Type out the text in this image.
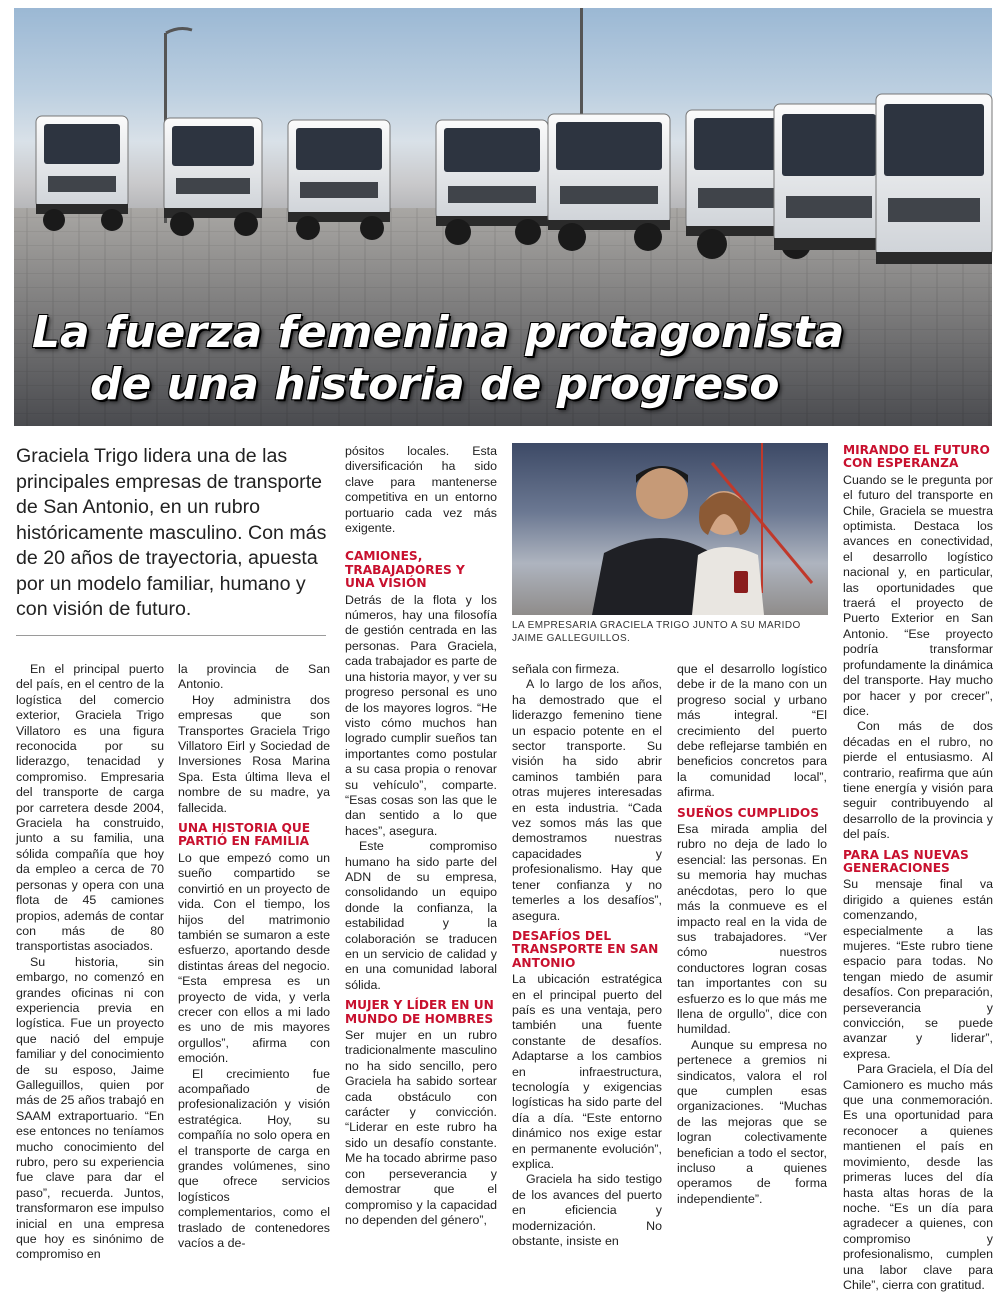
La fuerza femenina protagonista
de una historia de progreso

Graciela Trigo lidera una de las principales empresas de transporte de San Antonio, en un rubro históricamente masculino. Con más de 20 años de trayectoria, apuesta por un modelo familiar, humano y con visión de futuro.

En el principal puerto del país, en el centro de la logística del comercio exterior, Graciela Trigo Villatoro es una figura reconocida por su liderazgo, tenacidad y compromiso. Empresaria del transporte de carga por carretera desde 2004, Graciela ha construido, junto a su familia, una sólida compañía que hoy da empleo a cerca de 70 personas y opera con una flota de 45 camiones propios, además de contar con más de 80 transportistas asociados.

Su historia, sin embargo, no comenzó en grandes oficinas ni con experiencia previa en logística. Fue un proyecto que nació del empuje familiar y del conocimiento de su esposo, Jaime Galleguillos, quien por más de 25 años trabajó en SAAM extraportuario. “En ese entonces no teníamos mucho conocimiento del rubro, pero su experiencia fue clave para dar el paso”, recuerda. Juntos, transformaron ese impulso inicial en una empresa que hoy es sinónimo de compromiso en

la provincia de San Antonio.

Hoy administra dos empresas que son Transportes Graciela Trigo Villatoro Eirl y Sociedad de Inversiones Rosa Marina Spa. Esta última lleva el nombre de su madre, ya fallecida.

UNA HISTORIA QUE PARTIÓ EN FAMILIA

Lo que empezó como un sueño compartido se convirtió en un proyecto de vida. Con el tiempo, los hijos del matrimonio también se sumaron a este esfuerzo, aportando desde distintas áreas del negocio. “Esta empresa es un proyecto de vida, y verla crecer con ellos a mi lado es uno de mis mayores orgullos”, afirma con emoción.

El crecimiento fue acompañado de profesionalización y visión estratégica. Hoy, su compañía no solo opera en el transporte de carga en grandes volúmenes, sino que ofrece servicios logísticos complementarios, como el traslado de contenedores vacíos a de-

pósitos locales. Esta diversificación ha sido clave para mantenerse competitiva en un entorno portuario cada vez más exigente.

CAMIONES, TRABAJADORES Y UNA VISIÓN

Detrás de la flota y los números, hay una filosofía de gestión centrada en las personas. Para Graciela, cada trabajador es parte de una historia mayor, y ver su progreso personal es uno de los mayores logros. “He visto cómo muchos han logrado cumplir sueños tan importantes como postular a su casa propia o renovar su vehículo”, comparte. “Esas cosas son las que le dan sentido a lo que haces”, asegura.

Este compromiso humano ha sido parte del ADN de su empresa, consolidando un equipo donde la confianza, la estabilidad y la colaboración se traducen en un servicio de calidad y en una comunidad laboral sólida.

MUJER Y LÍDER EN UN MUNDO DE HOMBRES

Ser mujer en un rubro tradicionalmente masculino no ha sido sencillo, pero Graciela ha sabido sortear cada obstáculo con carácter y convicción. “Liderar en este rubro ha sido un desafío constante. Me ha tocado abrirme paso con perseverancia y demostrar que el compromiso y la capacidad no dependen del género”,

LA EMPRESARIA GRACIELA TRIGO JUNTO A SU MARIDO JAIME GALLEGUILLOS.

señala con firmeza.

A lo largo de los años, ha demostrado que el liderazgo femenino tiene un espacio potente en el sector transporte. Su visión ha sido abrir caminos también para otras mujeres interesadas en esta industria. “Cada vez somos más las que demostramos nuestras capacidades y profesionalismo. Hay que tener confianza y no temerles a los desafíos”, asegura.

DESAFÍOS DEL TRANSPORTE EN SAN ANTONIO

La ubicación estratégica en el principal puerto del país es una ventaja, pero también una fuente constante de desafíos. Adaptarse a los cambios en infraestructura, tecnología y exigencias logísticas ha sido parte del día a día. “Este entorno dinámico nos exige estar en permanente evolución”, explica.

Graciela ha sido testigo de los avances del puerto en eficiencia y modernización. No obstante, insiste en

que el desarrollo logístico debe ir de la mano con un progreso social y urbano más integral. “El crecimiento del puerto debe reflejarse también en beneficios concretos para la comunidad local”, afirma.

SUEÑOS CUMPLIDOS

Esa mirada amplia del rubro no deja de lado lo esencial: las personas. En su memoria hay muchas anécdotas, pero lo que más la conmueve es el impacto real en la vida de sus trabajadores. “Ver cómo nuestros conductores logran cosas tan importantes con su esfuerzo es lo que más me llena de orgullo”, dice con humildad.

Aunque su empresa no pertenece a gremios ni sindicatos, valora el rol que cumplen esas organizaciones. “Muchas de las mejoras que se logran colectivamente benefician a todo el sector, incluso a quienes operamos de forma independiente”.

MIRANDO EL FUTURO CON ESPERANZA

Cuando se le pregunta por el futuro del transporte en Chile, Graciela se muestra optimista. Destaca los avances en conectividad, el desarrollo logístico nacional y, en particular, las oportunidades que traerá el proyecto de Puerto Exterior en San Antonio. “Ese proyecto podría transformar profundamente la dinámica del transporte. Hay mucho por hacer y por crecer”, dice.

Con más de dos décadas en el rubro, no pierde el entusiasmo. Al contrario, reafirma que aún tiene energía y visión para seguir contribuyendo al desarrollo de la provincia y del país.

PARA LAS NUEVAS GENERACIONES

Su mensaje final va dirigido a quienes están comenzando, especialmente a las mujeres. “Este rubro tiene espacio para todas. No tengan miedo de asumir desafíos. Con preparación, perseverancia y convicción, se puede avanzar y liderar”, expresa.

Para Graciela, el Día del Camionero es mucho más que una conmemoración. Es una oportunidad para reconocer a quienes mantienen el país en movimiento, desde las primeras luces del día hasta altas horas de la noche. “Es un día para agradecer a quienes, con compromiso y profesionalismo, cumplen una labor clave para Chile”, cierra con gratitud.
